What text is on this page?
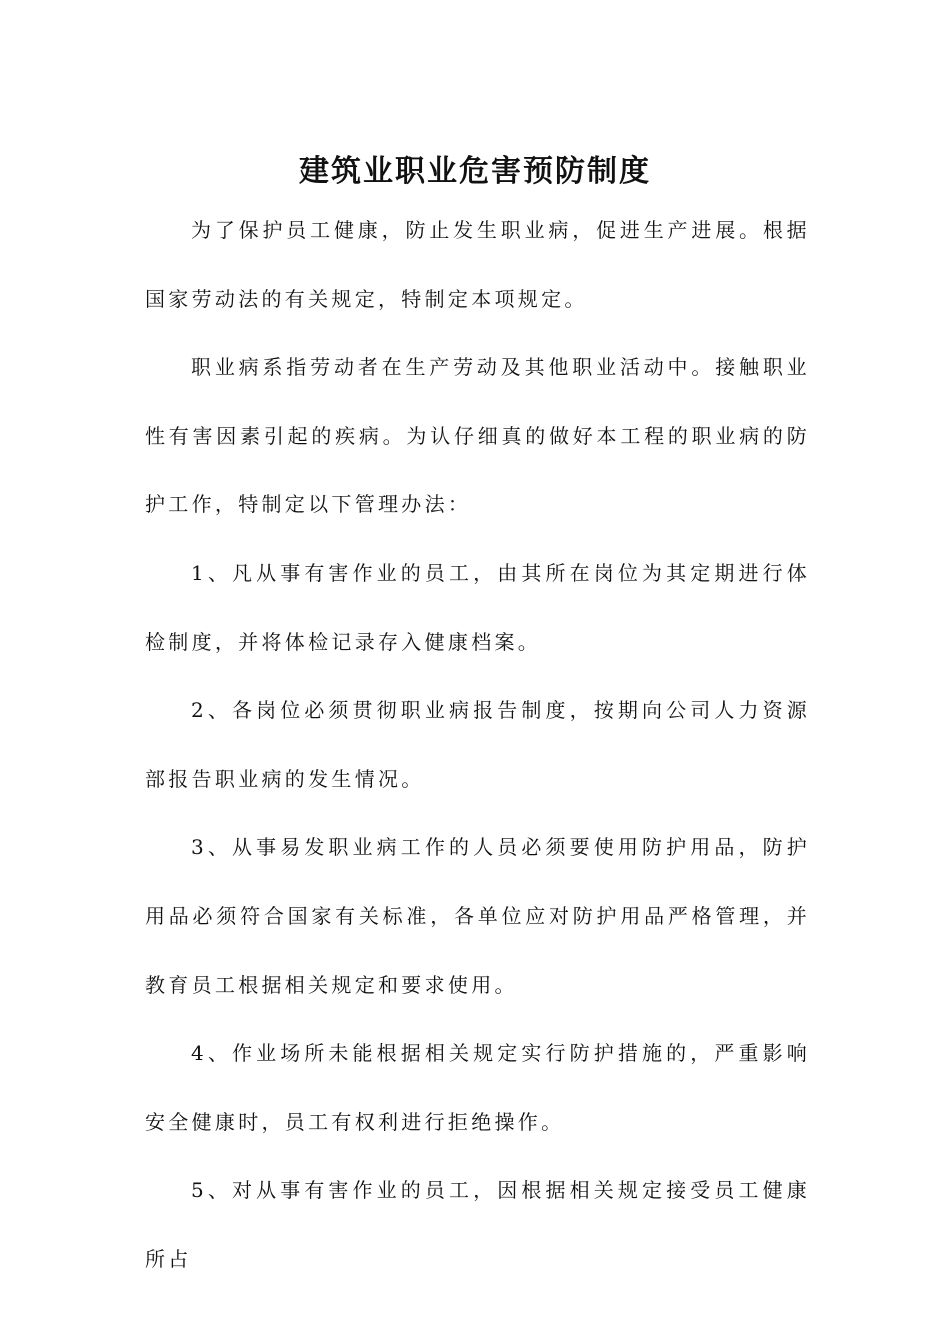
建筑业职业危害预防制度

为了保护员工健康，防止发生职业病，促进生产进展。根据国家劳动法的有关规定，特制定本项规定。

职业病系指劳动者在生产劳动及其他职业活动中。接触职业性有害因素引起的疾病。为认仔细真的做好本工程的职业病的防护工作，特制定以下管理办法：

1、凡从事有害作业的员工，由其所在岗位为其定期进行体检制度，并将体检记录存入健康档案。

2、各岗位必须贯彻职业病报告制度，按期向公司人力资源部报告职业病的发生情况。

3、从事易发职业病工作的人员必须要使用防护用品，防护用品必须符合国家有关标准，各单位应对防护用品严格管理，并教育员工根据相关规定和要求使用。

4、作业场所未能根据相关规定实行防护措施的，严重影响安全健康时，员工有权利进行拒绝操作。

5、对从事有害作业的员工，因根据相关规定接受员工健康所占
